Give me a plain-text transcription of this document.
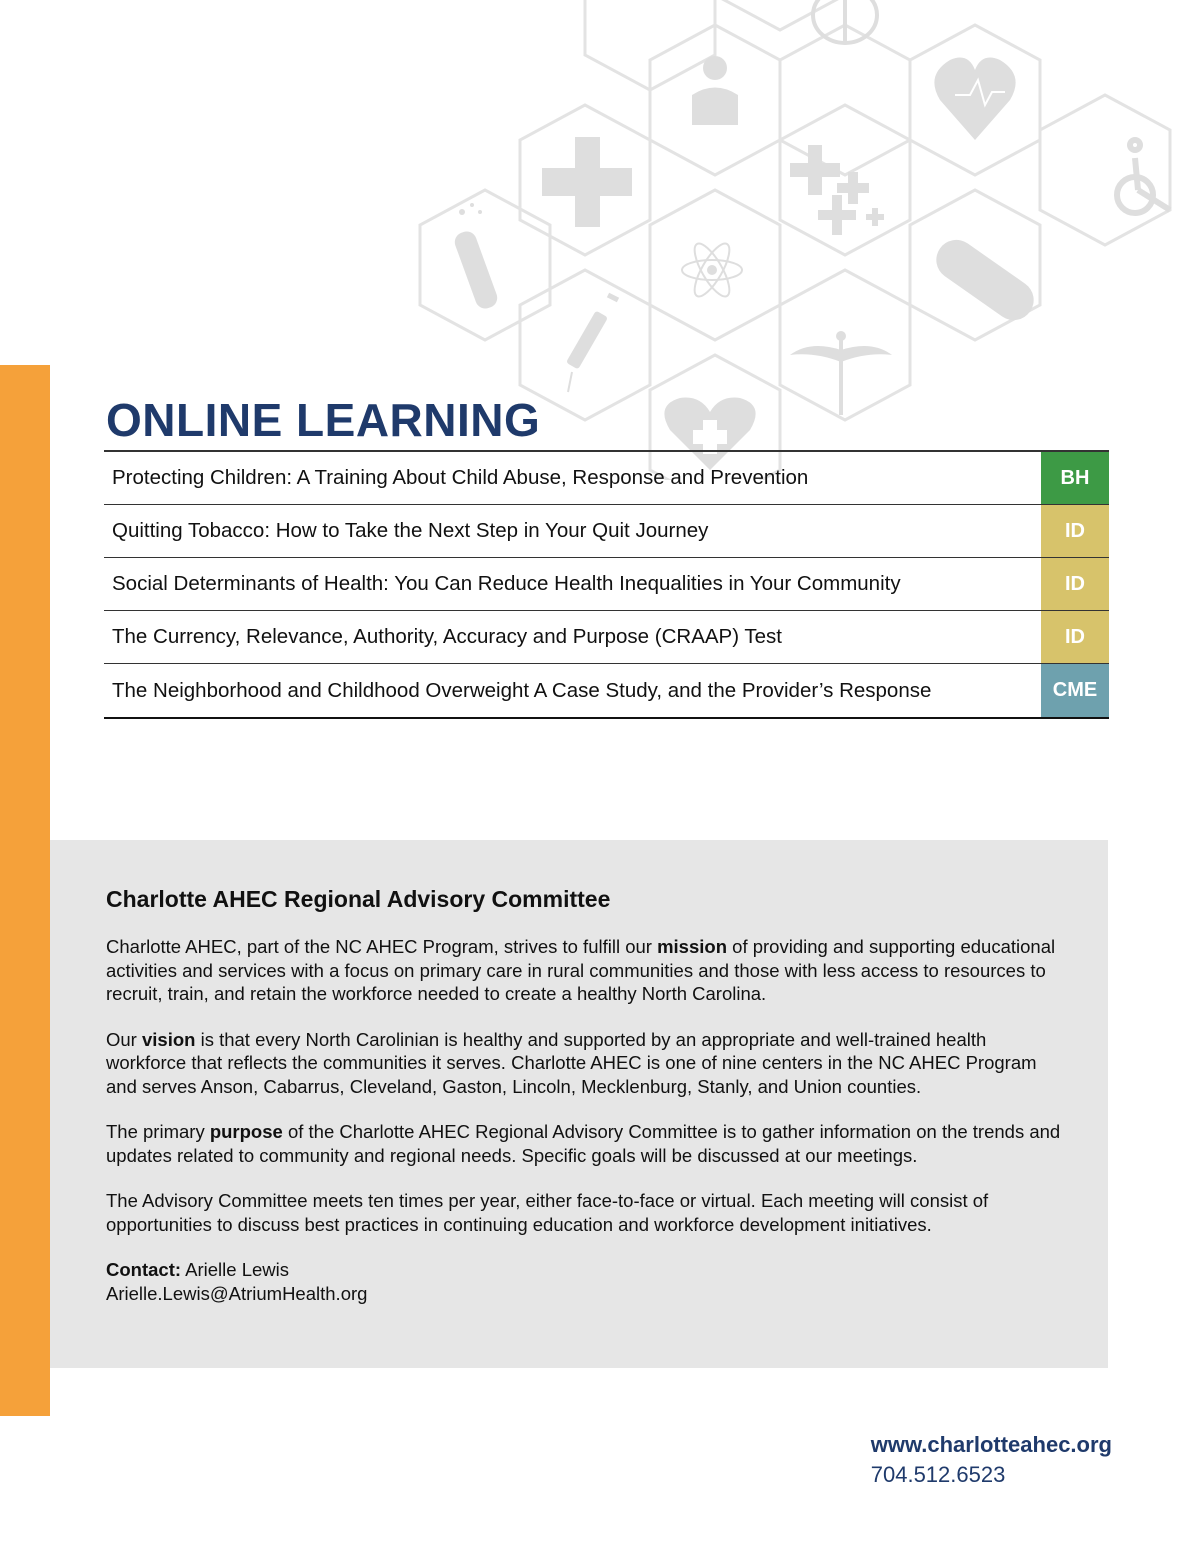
ONLINE LEARNING
Protecting Children: A Training About Child Abuse, Response and Prevention	BH
Quitting Tobacco: How to Take the Next Step in Your Quit Journey	ID
Social Determinants of Health: You Can Reduce Health Inequalities in Your Community	ID
The Currency, Relevance, Authority, Accuracy and Purpose (CRAAP) Test	ID
The Neighborhood and Childhood Overweight A Case Study, and the Provider’s Response	CME
Charlotte AHEC Regional Advisory Committee

Charlotte AHEC, part of the NC AHEC Program, strives to fulfill our mission of providing and supporting educational activities and services with a focus on primary care in rural communities and those with less access to resources to recruit, train, and retain the workforce needed to create a healthy North Carolina.

Our vision is that every North Carolinian is healthy and supported by an appropriate and well-trained health workforce that reflects the communities it serves. Charlotte AHEC is one of nine centers in the NC AHEC Program and serves Anson, Cabarrus, Cleveland, Gaston, Lincoln, Mecklenburg, Stanly, and Union counties.

The primary purpose of the Charlotte AHEC Regional Advisory Committee is to gather information on the trends and updates related to community and regional needs. Specific goals will be discussed at our meetings.

The Advisory Committee meets ten times per year, either face-to-face or virtual. Each meeting will consist of opportunities to discuss best practices in continuing education and workforce development initiatives.

Contact: Arielle Lewis
Arielle.Lewis@AtriumHealth.org

www.charlotteahec.org
704.512.6523
